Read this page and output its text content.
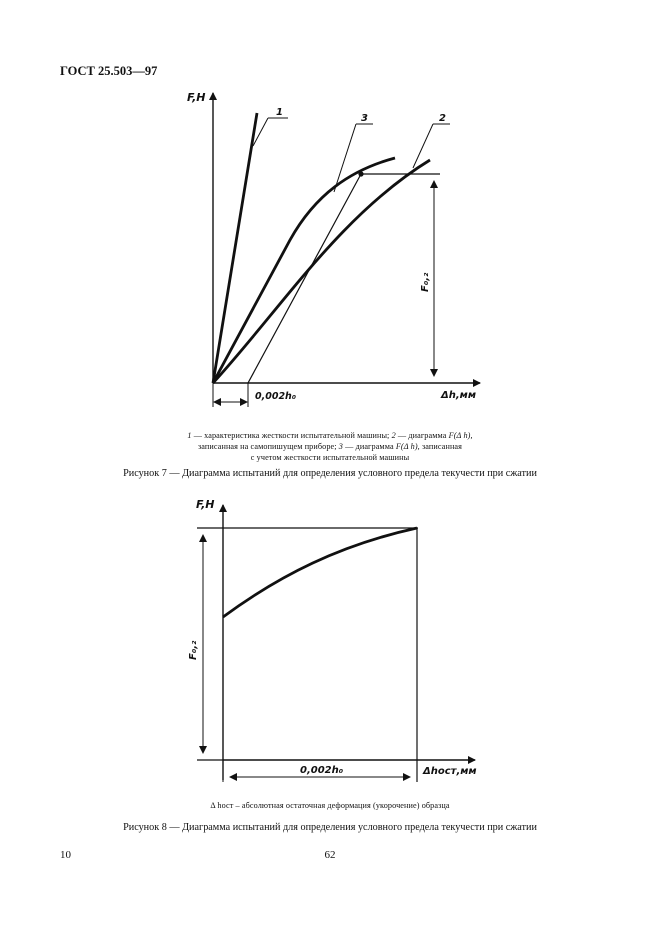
ГОСТ 25.503—97
F,H
Δh,мм
F₀,₂
0,002h₀
1
3	2
F,H
F₀,₂
0,002h₀	Δhост,мм
1 — характеристика жесткости испытательной машины; 2 — диаграмма F(Δ h),
записанная на самопишущем приборе; 3 — диаграмма F(Δ h), записанная
с учетом жесткости испытательной машины
Рисунок 7 — Диаграмма испытаний для определения условного предела текучести при сжатии
Δ hост – абсолютная остаточная деформация (укорочение) образца
Рисунок 8 — Диаграмма испытаний для определения условного предела текучести при сжатии
10	62
